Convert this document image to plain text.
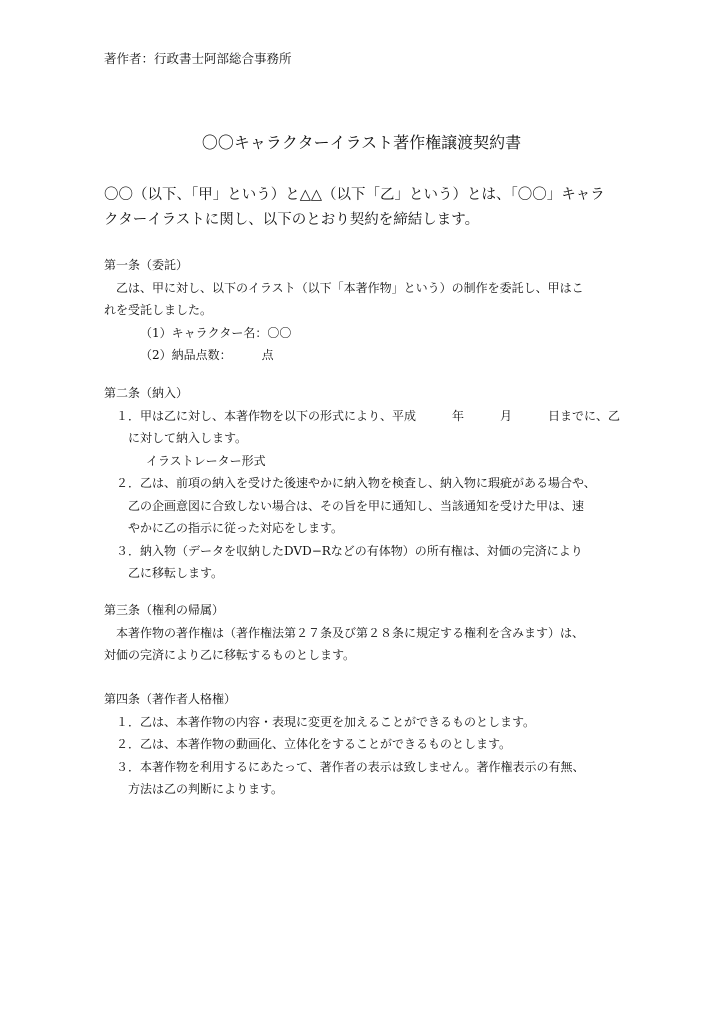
著作者：行政書士阿部総合事務所
〇〇キャラクターイラスト著作権譲渡契約書
〇〇（以下、「甲」という）と△△（以下「乙」という）とは、「〇〇」キャラ
クターイラストに関し、以下のとおり契約を締結します。
第一条（委託）
乙は、甲に対し、以下のイラスト（以下「本著作物」という）の制作を委託し、甲はこ
れを受託しました。
（1）キャラクター名：〇〇
（2）納品点数：	点
第二条（納入）
１．甲は乙に対し、本著作物を以下の形式により、平成	年	月	日までに、乙
に対して納入します。
イラストレーター形式
２．乙は、前項の納入を受けた後速やかに納入物を検査し、納入物に瑕疵がある場合や、
乙の企画意図に合致しない場合は、その旨を甲に通知し、当該通知を受けた甲は、速
やかに乙の指示に従った対応をします。
３．納入物（データを収納したDVD−Rなどの有体物）の所有権は、対価の完済により
乙に移転します。
第三条（権利の帰属）
本著作物の著作権は（著作権法第２７条及び第２８条に規定する権利を含みます）は、
対価の完済により乙に移転するものとします。
第四条（著作者人格権）
１．乙は、本著作物の内容・表現に変更を加えることができるものとします。
２．乙は、本著作物の動画化、立体化をすることができるものとします。
３．本著作物を利用するにあたって、著作者の表示は致しません。著作権表示の有無、
方法は乙の判断によります。
